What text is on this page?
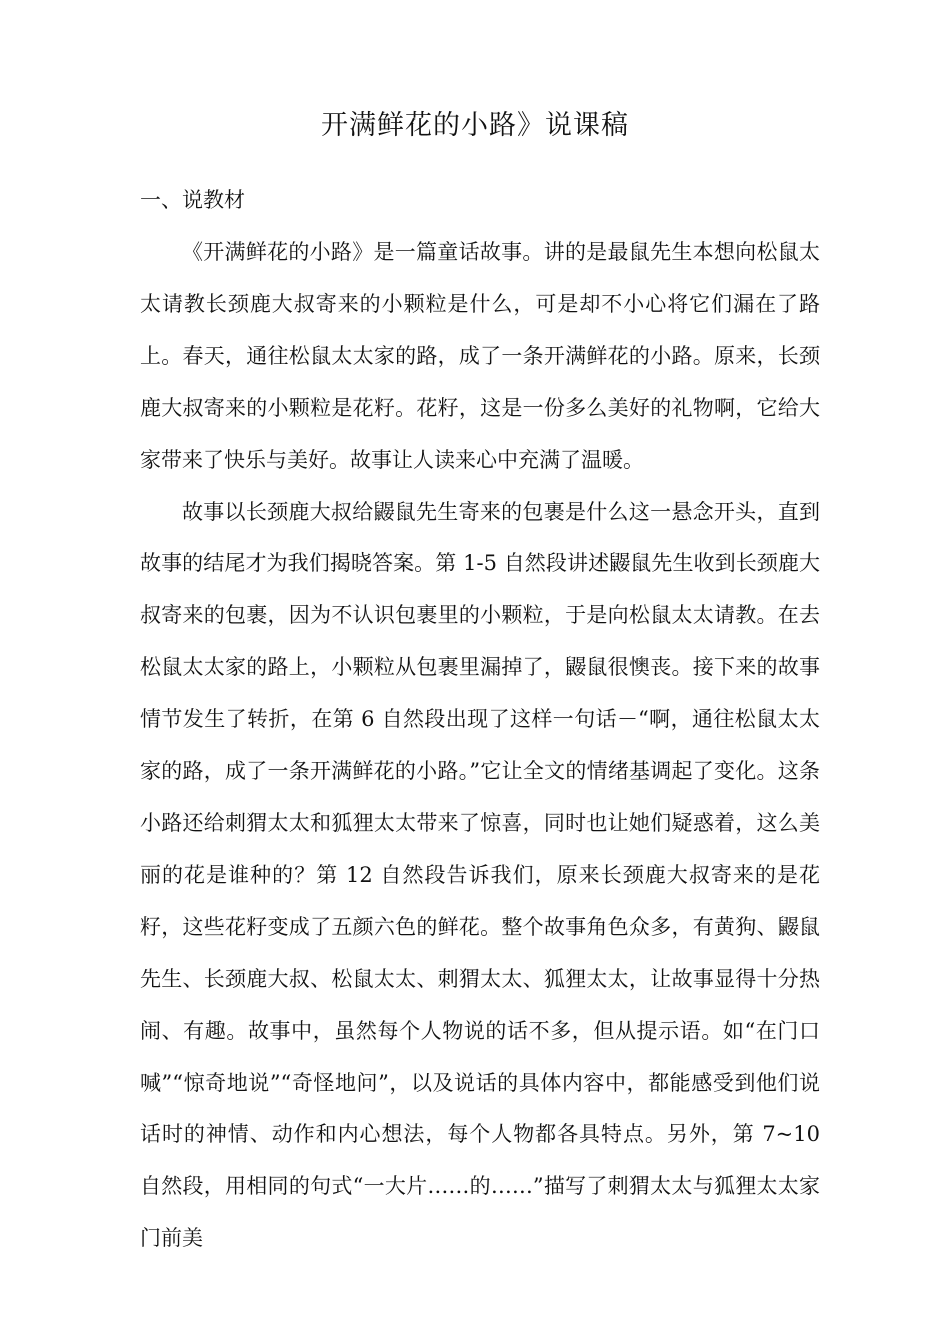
开满鲜花的小路》说课稿
一、说教材

《开满鲜花的小路》是一篇童话故事。讲的是最鼠先生本想向松鼠太太请教长颈鹿大叔寄来的小颗粒是什么，可是却不小心将它们漏在了路上。春天，通往松鼠太太家的路，成了一条开满鲜花的小路。原来，长颈鹿大叔寄来的小颗粒是花籽。花籽，这是一份多么美好的礼物啊，它给大家带来了快乐与美好。故事让人读来心中充满了温暖。

故事以长颈鹿大叔给鼹鼠先生寄来的包裹是什么这一悬念开头，直到故事的结尾才为我们揭晓答案。第 1-5 自然段讲述鼹鼠先生收到长颈鹿大叔寄来的包裹，因为不认识包裹里的小颗粒，于是向松鼠太太请教。在去松鼠太太家的路上，小颗粒从包裹里漏掉了，鼹鼠很懊丧。接下来的故事情节发生了转折，在第 6 自然段出现了这样一句话－“啊，通往松鼠太太家的路，成了一条开满鲜花的小路。”它让全文的情绪基调起了变化。这条小路还给刺猬太太和狐狸太太带来了惊喜，同时也让她们疑惑着，这么美丽的花是谁种的？第 12 自然段告诉我们，原来长颈鹿大叔寄来的是花籽，这些花籽变成了五颜六色的鲜花。整个故事角色众多，有黄狗、鼹鼠先生、长颈鹿大叔、松鼠太太、刺猬太太、狐狸太太，让故事显得十分热闹、有趣。故事中，虽然每个人物说的话不多，但从提示语。如“在门口喊”“惊奇地说”“奇怪地问”，以及说话的具体内容中，都能感受到他们说话时的神情、动作和内心想法，每个人物都各具特点。另外，第 7~10 自然段，用相同的句式“一大片……的……”描写了刺猬太太与狐狸太太家门前美
